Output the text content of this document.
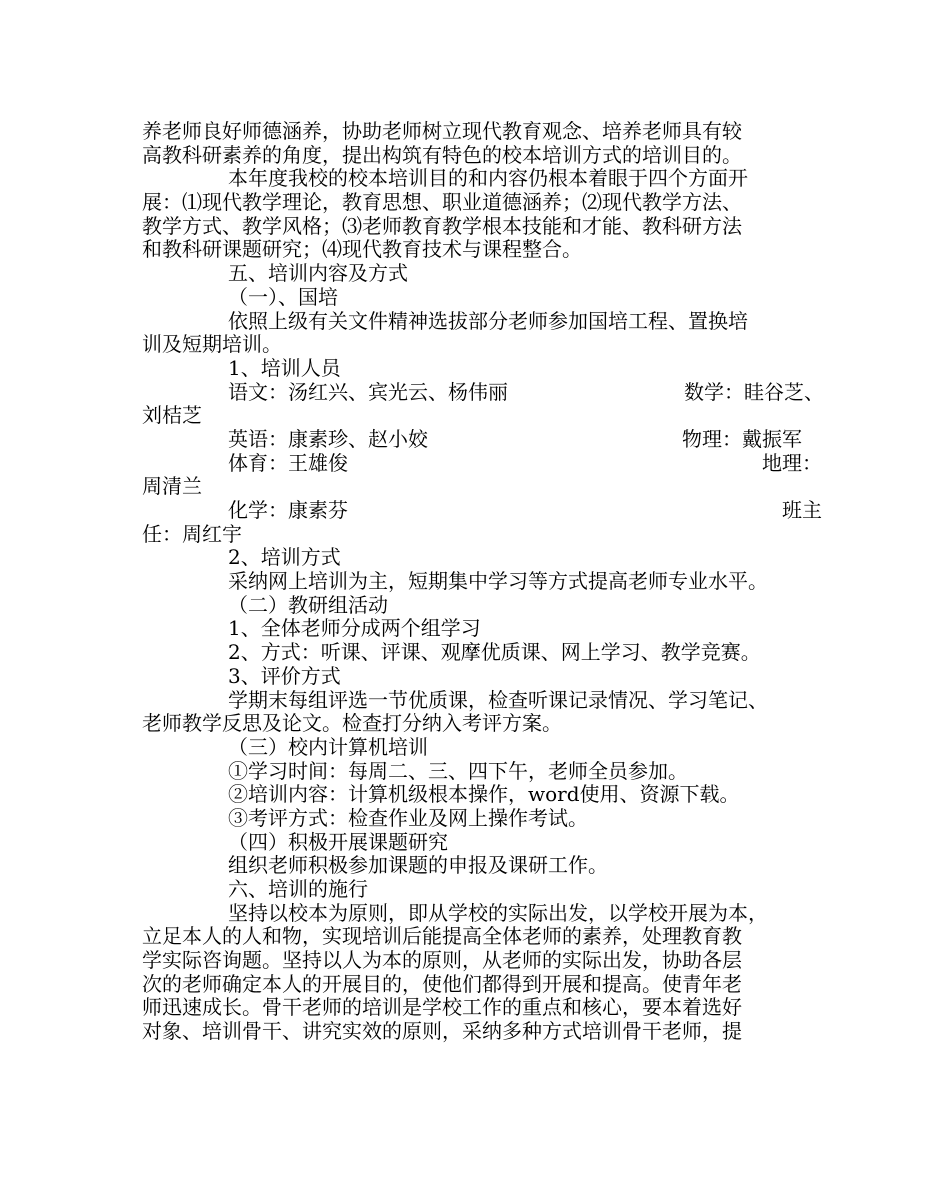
养老师良好师德涵养，协助老师树立现代教育观念、培养老师具有较
高教科研素养的角度，提出构筑有特色的校本培训方式的培训目的。
本年度我校的校本培训目的和内容仍根本着眼于四个方面开
展：⑴现代教学理论，教育思想、职业道德涵养；⑵现代教学方法、
教学方式、教学风格；⑶老师教育教学根本技能和才能、教科研方法
和教科研课题研究；⑷现代教育技术与课程整合。
五、培训内容及方式
（一）、国培
依照上级有关文件精神选拔部分老师参加国培工程、置换培
训及短期培训。
1、培训人员
语文：汤红兴、宾光云、杨伟丽	数学：眭谷芝、
刘桔芝
英语：康素珍、赵小姣	物理：戴振军
体育：王雄俊	地理：
周清兰
化学：康素芬	班主
任：周红宇
2、培训方式
采纳网上培训为主，短期集中学习等方式提高老师专业水平。
（二）教研组活动
1、全体老师分成两个组学习
2、方式：听课、评课、观摩优质课、网上学习、教学竞赛。
3、评价方式
学期末每组评选一节优质课，检查听课记录情况、学习笔记、
老师教学反思及论文。检查打分纳入考评方案。
（三）校内计算机培训
①学习时间：每周二、三、四下午，老师全员参加。
②培训内容：计算机级根本操作，word使用、资源下载。
③考评方式：检查作业及网上操作考试。
（四）积极开展课题研究
组织老师积极参加课题的申报及课研工作。
六、培训的施行
坚持以校本为原则，即从学校的实际出发，以学校开展为本，
立足本人的人和物，实现培训后能提高全体老师的素养，处理教育教
学实际咨询题。坚持以人为本的原则，从老师的实际出发，协助各层
次的老师确定本人的开展目的，使他们都得到开展和提高。使青年老
师迅速成长。骨干老师的培训是学校工作的重点和核心，要本着选好
对象、培训骨干、讲究实效的原则，采纳多种方式培训骨干老师，提
